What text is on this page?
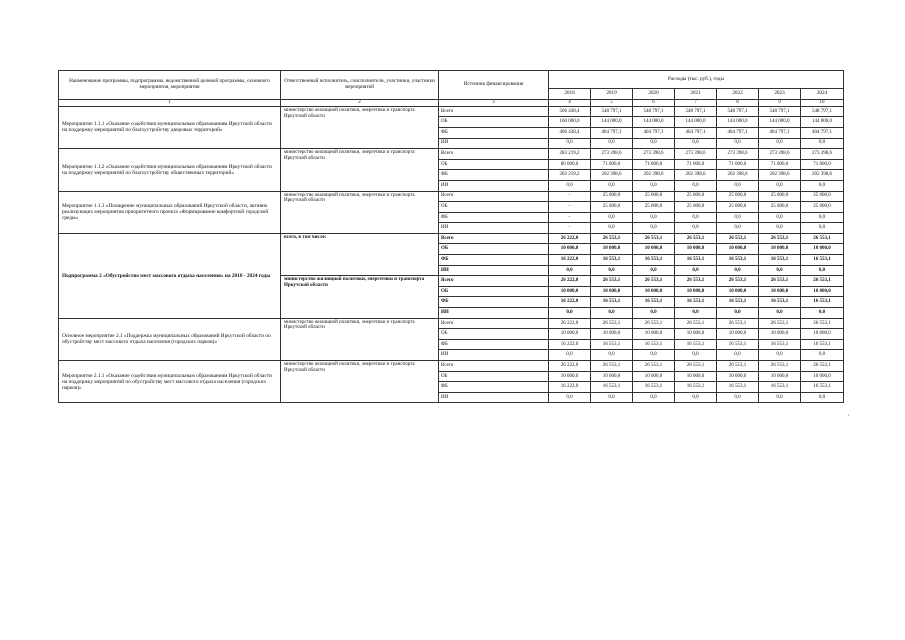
Наименование программы, подпрограммы, ведомственной целевой программы, основного мероприятия, мероприятия	Ответственный исполнитель, соисполнители, участники, участники мероприятий	Источник финансирования	Расходы (тыс. руб.), годы						
			2018	2019	2020	2021	2022	2023	2024
1	2	3	4	5	6	7	8	9	10
Мероприятие 1.1.1 «Оказание содействия муниципальным образованиям Иркутской области на поддержку мероприятий по благоустройству дворовых территорий»	министерство жилищной политики, энергетики и транспорта Иркутской области	Всего	566 438,4	548 797,1	548 797,1	548 797,1	548 797,1	548 797,1	548 797,1
		ОБ	160 000,0	144 000,0	144 000,0	144 000,0	144 000,0	144 000,0	144 000,0
		ФБ	406 438,4	404 797,1	404 797,1	404 797,1	404 797,1	404 797,1	404 797,1
		ИИ	0,0	0,0	0,0	0,0	0,0	0,0	0,0
Мероприятие 1.1.2 «Оказание содействия муниципальным образованиям Иркутской области на поддержку мероприятий по благоустройству общественных территорий»	министерство жилищной политики, энергетики и транспорта Иркутской области	Всего	283 219,2	273 398,6	273 398,6	273 398,6	273 398,6	273 398,6	273 398,6
		ОБ	80 000,0	71 000,0	71 000,0	71 000,0	71 000,0	71 000,0	71 000,0
		ФБ	203 219,2	202 398,6	202 398,6	202 398,6	202 398,6	202 398,6	202 398,6
		ИИ	0,0	0,0	0,0	0,0	0,0	0,0	0,0
Мероприятие 1.1.3 «Поощрение муниципальных образований Иркутской области, активно реализующих мероприятия приоритетного проекта «Формирование комфортной городской среды»	министерство жилищной политики, энергетики и транспорта Иркутской области	Всего	-	25 000,0	25 000,0	25 000,0	25 000,0	25 000,0	25 000,0
		ОБ	-	25 000,0	25 000,0	25 000,0	25 000,0	25 000,0	25 000,0
		ФБ	-	0,0	0,0	0,0	0,0	0,0	0,0
		ИИ	-	0,0	0,0	0,0	0,0	0,0	0,0
Подпрограмма 2 «Обустройство мест массового отдыха населения» на 2018 - 2024 годы	всего, в том числе:	Всего	26 222,0	26 553,1	26 553,1	26 553,1	26 553,1	26 553,1	26 553,1
		ОБ	10 000,0	10 000,0	10 000,0	10 000,0	10 000,0	10 000,0	10 000,0
		ФБ	16 222,0	16 553,1	16 553,1	16 553,1	16 553,1	16 553,1	16 553,1
		ИИ	0,0	0,0	0,0	0,0	0,0	0,0	0,0
	министерство жилищной политики, энергетики и транспорта Иркутской области	Всего	26 222,0	26 553,1	26 553,1	26 553,1	26 553,1	26 553,1	26 553,1
		ОБ	10 000,0	10 000,0	10 000,0	10 000,0	10 000,0	10 000,0	10 000,0
		ФБ	16 222,0	16 553,1	16 553,1	16 553,1	16 553,1	16 553,1	16 553,1
		ИИ	0,0	0,0	0,0	0,0	0,0	0,0	0,0
Основное мероприятие 2.1 «Поддержка муниципальных образований Иркутской области по обустройству мест массового отдыха населения (городских парков)»	министерство жилищной политики, энергетики и транспорта Иркутской области	Всего	26 222,0	26 553,1	26 553,1	26 553,1	26 553,1	26 553,1	26 553,1
		ОБ	10 000,0	10 000,0	10 000,0	10 000,0	10 000,0	10 000,0	10 000,0
		ФБ	16 222,0	16 553,1	16 553,1	16 553,1	16 553,1	16 553,1	16 553,1
		ИИ	0,0	0,0	0,0	0,0	0,0	0,0	0,0
Мероприятие 2.1.1 «Оказание содействия муниципальным образованиям Иркутской области на поддержку мероприятий по обустройству мест массового отдыха населения (городских парков)»	министерство жилищной политики, энергетики и транспорта Иркутской области	Всего	26 222,0	26 553,1	26 553,1	26 553,1	26 553,1	26 553,1	26 553,1
		ОБ	10 000,0	10 000,0	10 000,0	10 000,0	10 000,0	10 000,0	10 000,0
		ФБ	16 222,0	16 553,1	16 553,1	16 553,1	16 553,1	16 553,1	16 553,1
		ИИ	0,0	0,0	0,0	0,0	0,0	0,0	0,0
,
